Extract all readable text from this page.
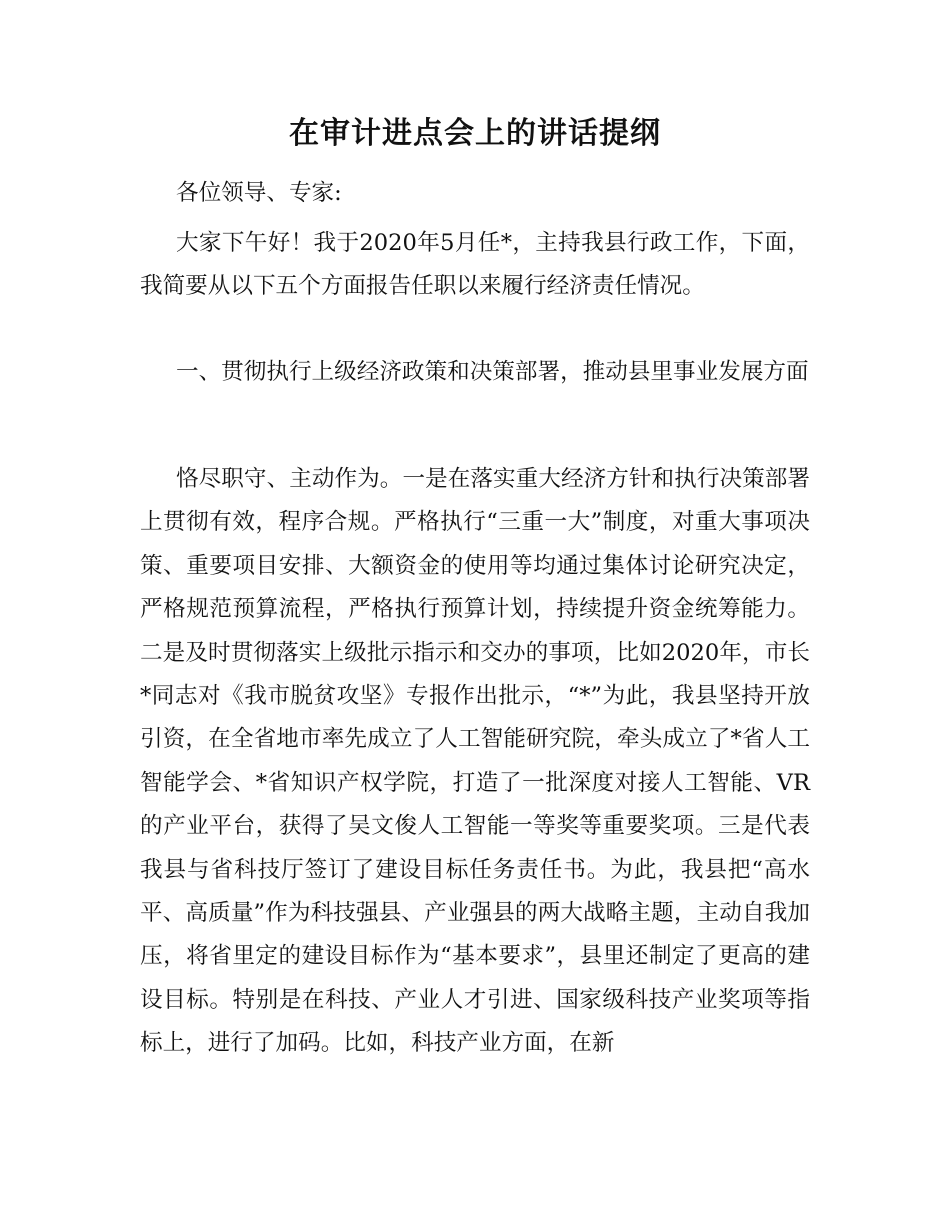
在审计进点会上的讲话提纲

各位领导、专家:

大家下午好！我于2020年5月任*，主持我县行政工作，下面，我简要从以下五个方面报告任职以来履行经济责任情况。

一、贯彻执行上级经济政策和决策部署，推动县里事业发展方面

恪尽职守、主动作为。一是在落实重大经济方针和执行决策部署上贯彻有效，程序合规。严格执行“三重一大”制度，对重大事项决策、重要项目安排、大额资金的使用等均通过集体讨论研究决定，严格规范预算流程，严格执行预算计划，持续提升资金统筹能力。二是及时贯彻落实上级批示指示和交办的事项，比如2020年，市长*同志对《我市脱贫攻坚》专报作出批示，“*”为此，我县坚持开放引资，在全省地市率先成立了人工智能研究院，牵头成立了*省人工智能学会、*省知识产权学院，打造了一批深度对接人工智能、VR的产业平台，获得了吴文俊人工智能一等奖等重要奖项。三是代表我县与省科技厅签订了建设目标任务责任书。为此，我县把“高水平、高质量”作为科技强县、产业强县的两大战略主题，主动自我加压，将省里定的建设目标作为“基本要求”，县里还制定了更高的建设目标。特别是在科技、产业人才引进、国家级科技产业奖项等指标上，进行了加码。比如，科技产业方面，在新
